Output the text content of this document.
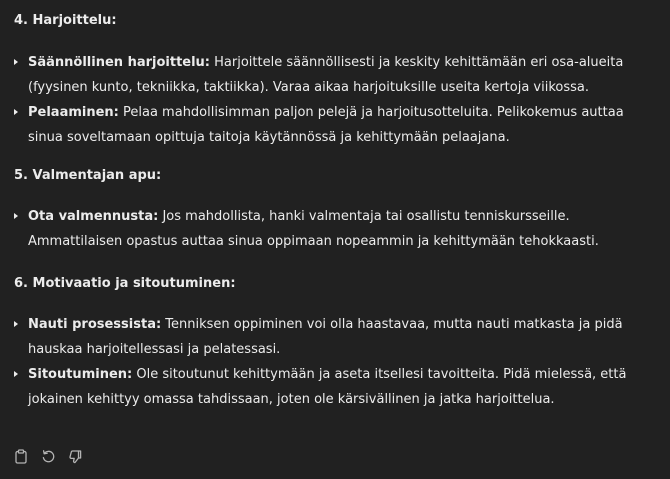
4. Harjoittelu:
Säännöllinen harjoittelu: Harjoittele säännöllisesti ja keskity kehittämään eri osa-alueita (fyysinen kunto, tekniikka, taktiikka). Varaa aikaa harjoituksille useita kertoja viikossa.
Pelaaminen: Pelaa mahdollisimman paljon pelejä ja harjoitusotteluita. Pelikokemus auttaa sinua soveltamaan opittuja taitoja käytännössä ja kehittymään pelaajana.
5. Valmentajan apu:
Ota valmennusta: Jos mahdollista, hanki valmentaja tai osallistu tenniskursseille. Ammattilaisen opastus auttaa sinua oppimaan nopeammin ja kehittymään tehokkaasti.
6. Motivaatio ja sitoutuminen:
Nauti prosessista: Tenniksen oppiminen voi olla haastavaa, mutta nauti matkasta ja pidä hauskaa harjoitellessasi ja pelatessasi.
Sitoutuminen: Ole sitoutunut kehittymään ja aseta itsellesi tavoitteita. Pidä mielessä, että jokainen kehittyy omassa tahdissaan, joten ole kärsivällinen ja jatka harjoittelua.
